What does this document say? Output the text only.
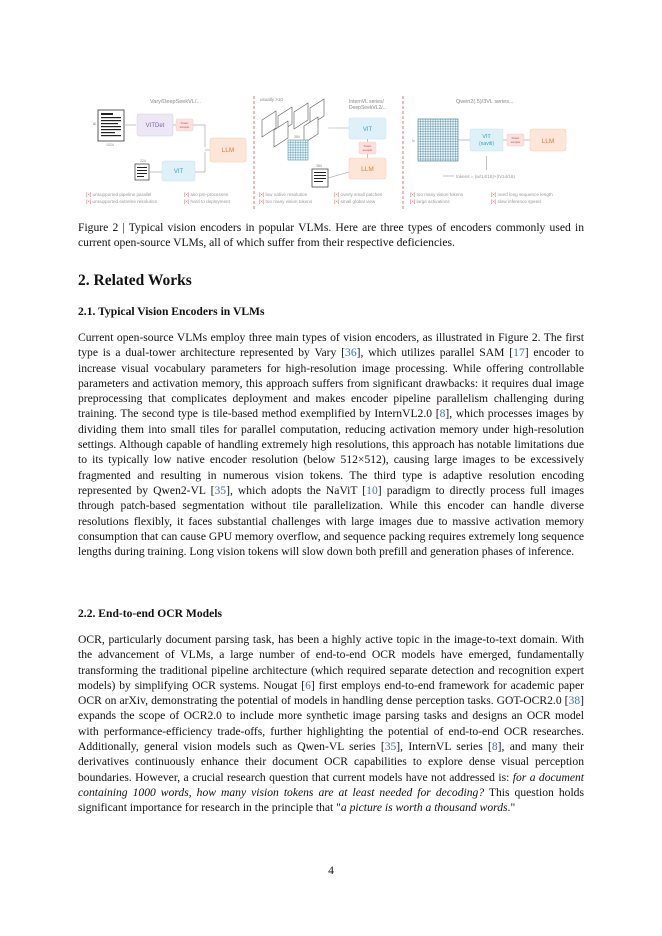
Vary/DeepSeekVL/...
1024
⊠	VITDet	Down
sample
224
VIT
LLM
[×] unsupported pipeline parallel
[×] unsupported extreme resolution
[×] two pre-processes
[×] hard to deployment
usually >10
384
384
InternVL series/
DeepSeekVL2/...
VIT
Down
sample
LLM
[×] low native resolution
[×] too many vision tokens
[×] overly small patches
[×] small global view
Qwen2(.5)/3VL series...
N
VIT
(naviti)
Down
sample	LLM
tokens = (w/14/16)×(h/14/16)
[×] too many vision tokens
[×] large activations
[×] need long sequence length
[×] slow inference speed
Figure 2 | Typical vision encoders in popular VLMs. Here are three types of encoders commonly used in current open-source VLMs, all of which suffer from their respective deficiencies.
2. Related Works
2.1. Typical Vision Encoders in VLMs
Current open-source VLMs employ three main types of vision encoders, as illustrated in Figure 2. The first type is a dual-tower architecture represented by Vary [36], which utilizes parallel SAM [17] encoder to increase visual vocabulary parameters for high-resolution image processing. While offering controllable parameters and activation memory, this approach suffers from significant drawbacks: it requires dual image preprocessing that complicates deployment and makes encoder pipeline parallelism challenging during training. The second type is tile-based method exemplified by InternVL2.0 [8], which processes images by dividing them into small tiles for parallel computation, reducing activation memory under high-resolution settings. Although capable of handling extremely high resolutions, this approach has notable limitations due to its typically low native encoder resolution (below 512×512), causing large images to be excessively fragmented and resulting in numerous vision tokens. The third type is adaptive resolution encoding represented by Qwen2-VL [35], which adopts the NaViT [10] paradigm to directly process full images through patch-based segmentation without tile parallelization. While this encoder can handle diverse resolutions flexibly, it faces substantial challenges with large images due to massive activation memory consumption that can cause GPU memory overflow, and sequence packing requires extremely long sequence lengths during training. Long vision tokens will slow down both prefill and generation phases of inference.
2.2. End-to-end OCR Models
OCR, particularly document parsing task, has been a highly active topic in the image-to-text domain. With the advancement of VLMs, a large number of end-to-end OCR models have emerged, fundamentally transforming the traditional pipeline architecture (which required separate detection and recognition expert models) by simplifying OCR systems. Nougat [6] first employs end-to-end framework for academic paper OCR on arXiv, demonstrating the potential of models in handling dense perception tasks. GOT-OCR2.0 [38] expands the scope of OCR2.0 to include more synthetic image parsing tasks and designs an OCR model with performance-efficiency trade-offs, further highlighting the potential of end-to-end OCR researches. Additionally, general vision models such as Qwen-VL series [35], InternVL series [8], and many their derivatives continuously enhance their document OCR capabilities to explore dense visual perception boundaries. However, a crucial research question that current models have not addressed is: for a document containing 1000 words, how many vision tokens are at least needed for decoding? This question holds significant importance for research in the principle that "a picture is worth a thousand words."
4
